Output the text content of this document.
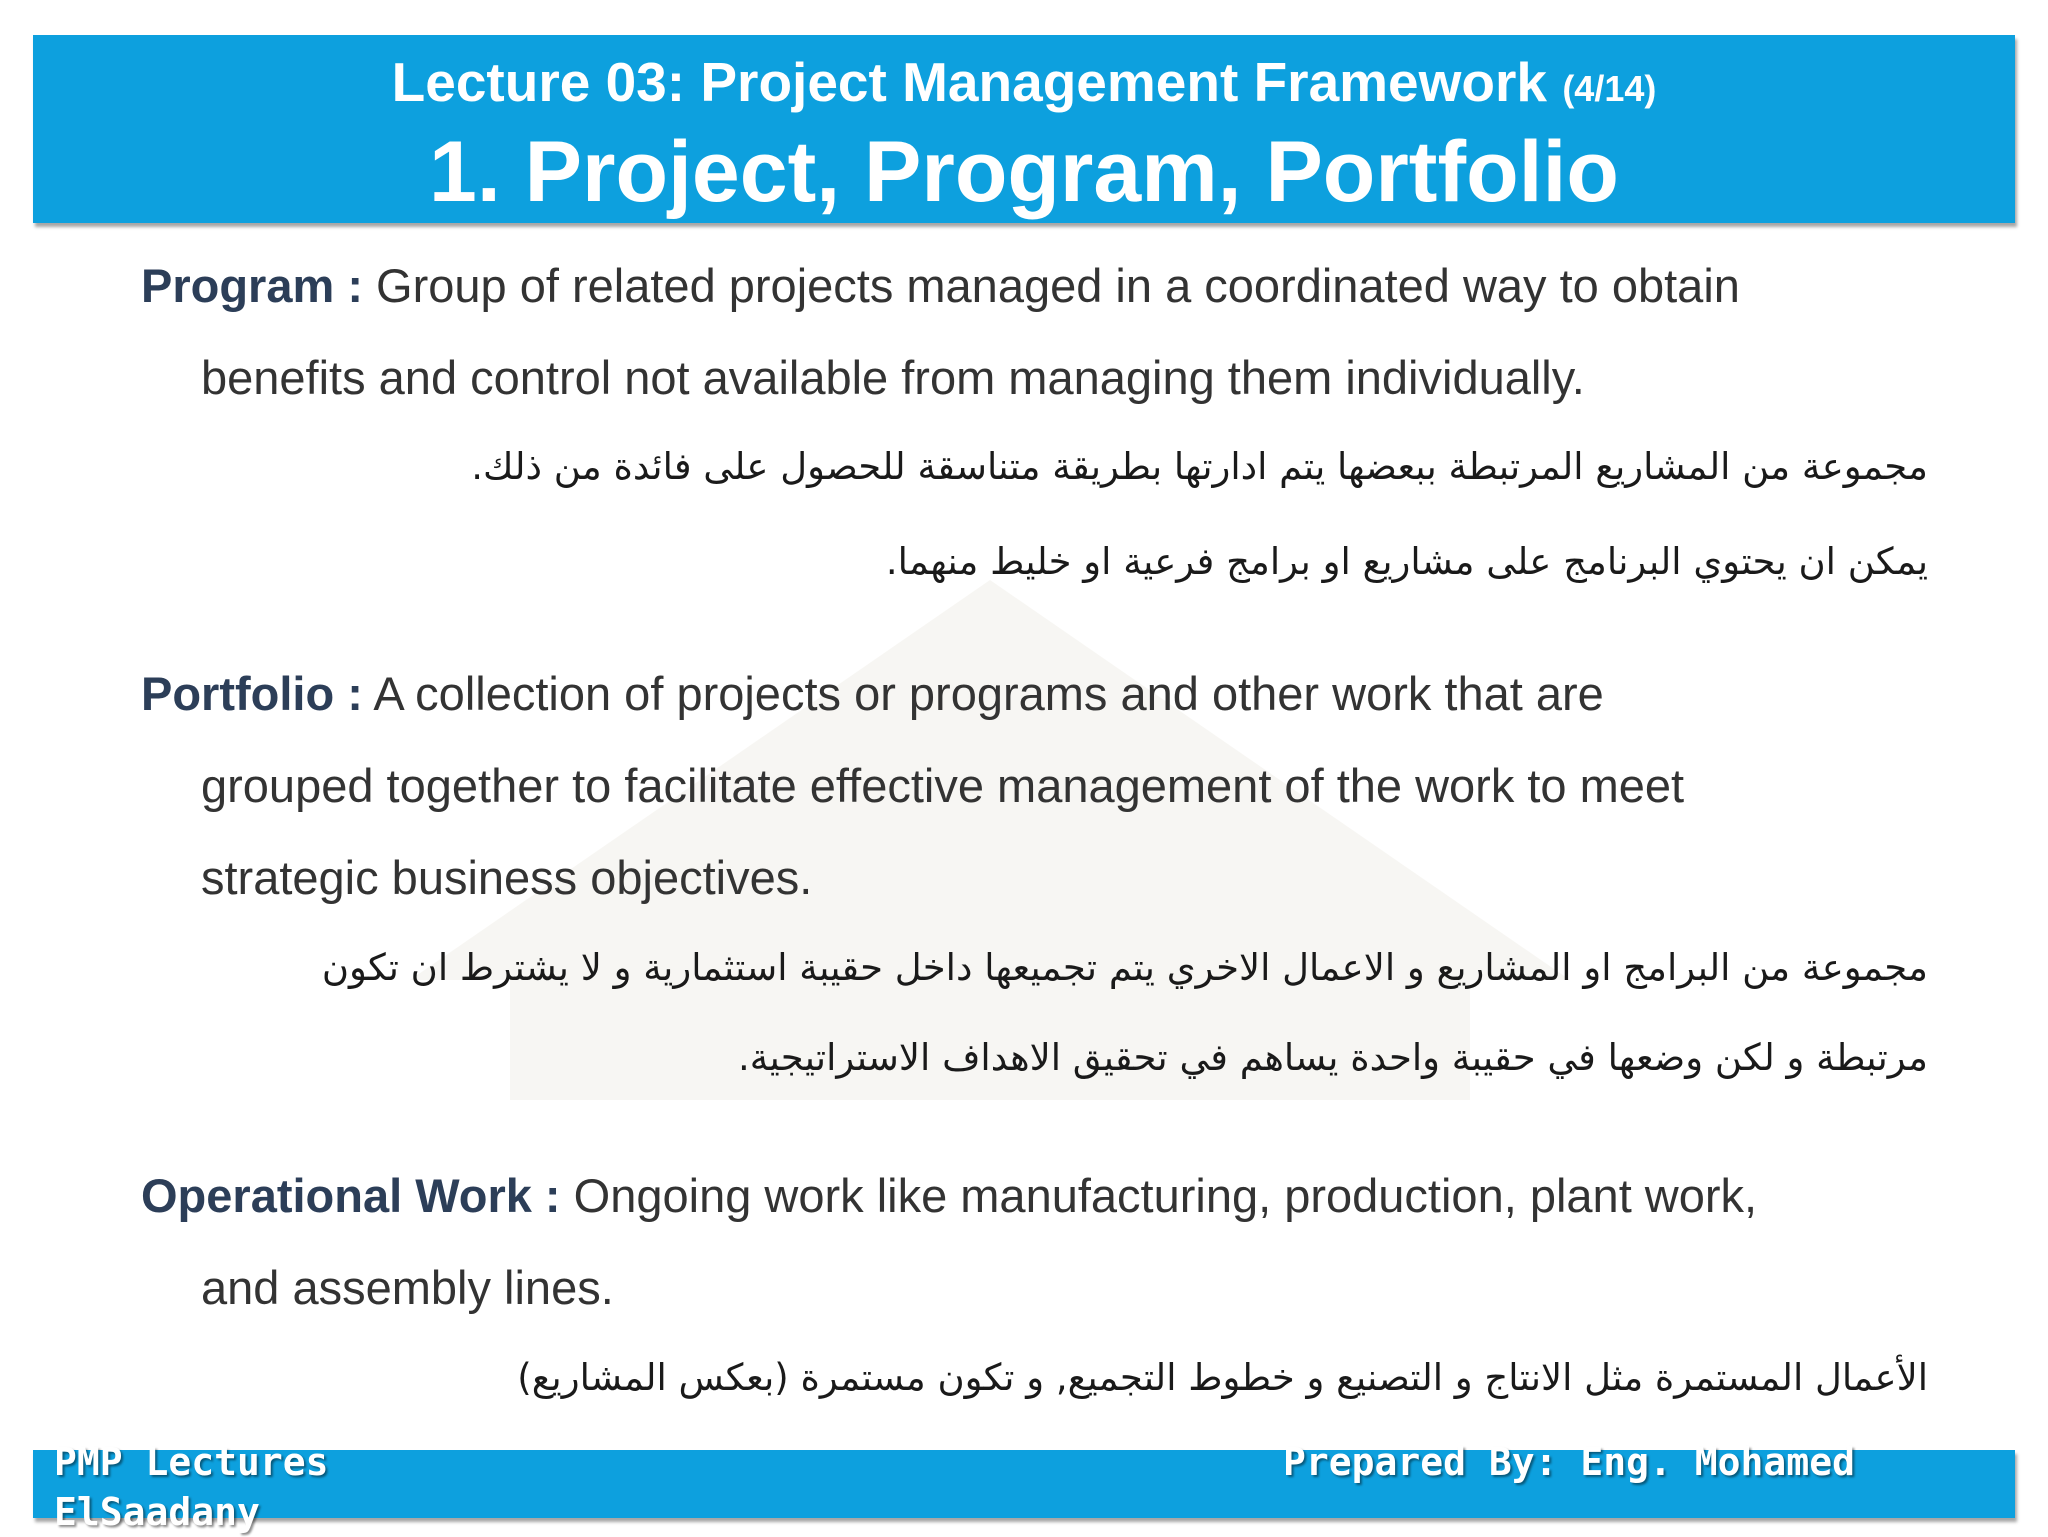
Lecture 03: Project Management Framework (4/14)
1. Project, Program, Portfolio
Program : Group of related projects managed in a coordinated way to obtain
benefits and control not available from managing them individually.
مجموعة من المشاريع المرتبطة ببعضها يتم ادارتها بطريقة متناسقة للحصول على فائدة من ذلك.
يمكن ان يحتوي البرنامج على مشاريع او برامج فرعية او خليط منهما.
Portfolio : A collection of projects or programs and other work that are
grouped together to facilitate effective management of the work to meet
strategic business objectives.
مجموعة من البرامج او المشاريع و الاعمال الاخري يتم تجميعها داخل حقيبة استثمارية و لا يشترط ان تكون
مرتبطة و لكن وضعها في حقيبة واحدة يساهم في تحقيق الاهداف الاستراتيجية.
Operational Work : Ongoing work like manufacturing, production, plant work,
and assembly lines.
الأعمال المستمرة مثل الانتاج و التصنيع و خطوط التجميع, و تكون مستمرة (بعكس المشاريع)
PMP Lectures ElSaadany
Prepared By: Eng. Mohamed
